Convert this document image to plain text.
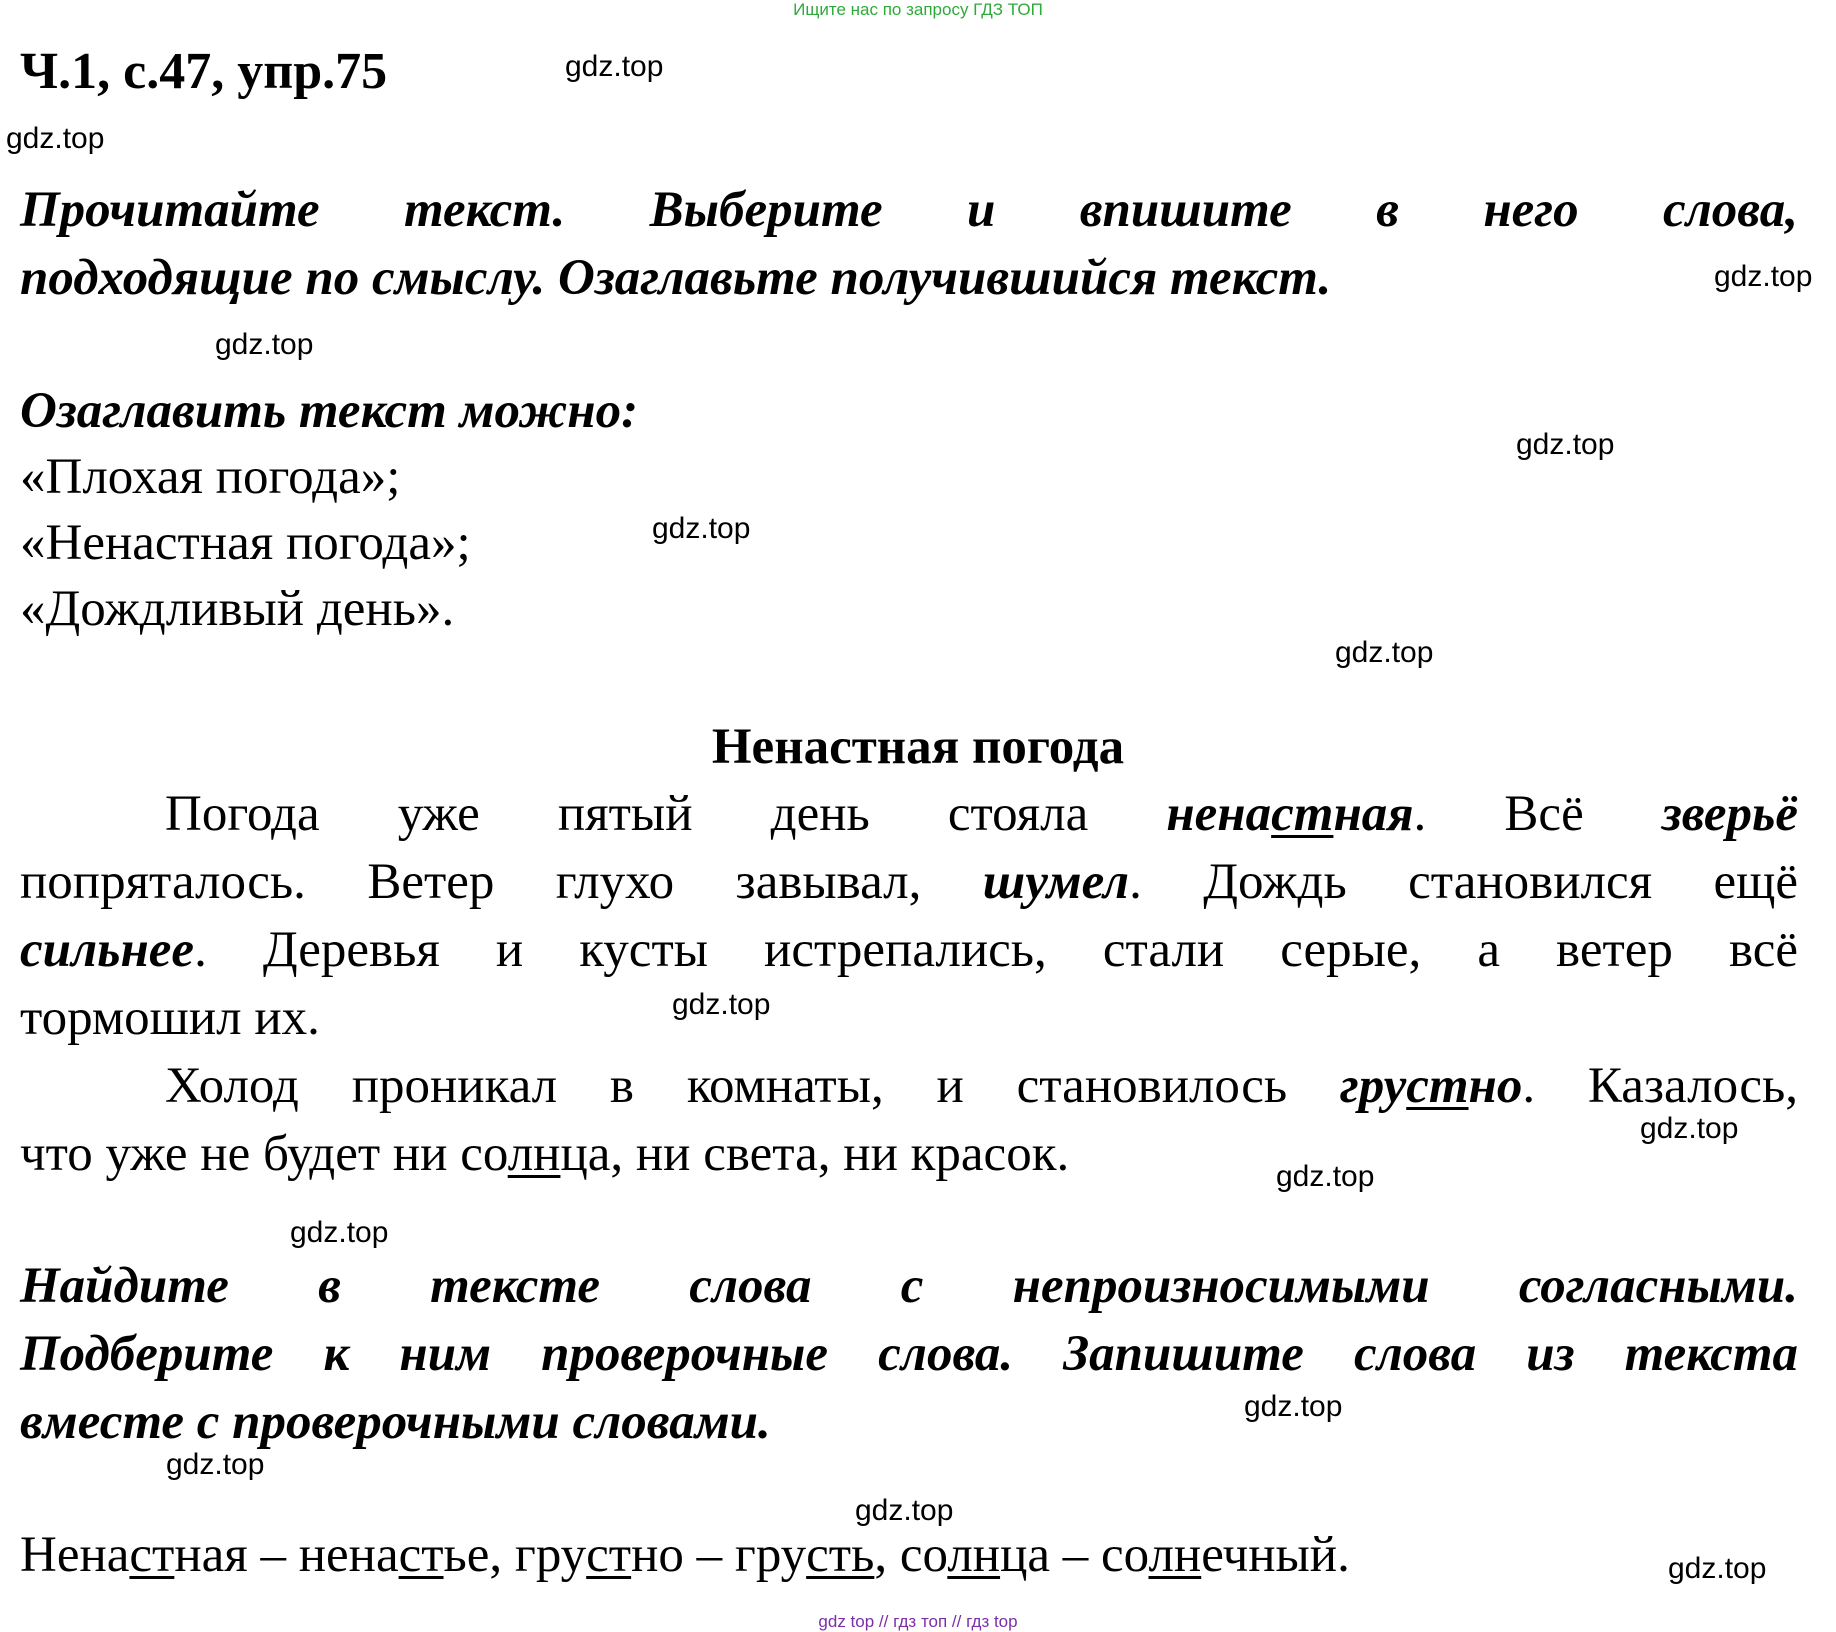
Ищите нас по запросу ГДЗ ТОП
Ч.1, с.47, упр.75	gdz.top
gdz.top
gdz.top
gdz.top
gdz.top
gdz.top
gdz.top
gdz.top
gdz.top
gdz.top
gdz.top
gdz.top
gdz.top
gdz.top
gdz.top
Прочитайте текст. Выберите и впишите в него слова,
подходящие по смыслу. Озаглавьте получившийся текст.
Озаглавить текст можно:
«Плохая погода»;
«Ненастная погода»;
«Дождливый день».
Ненастная погода
Погода уже пятый день стояла ненастная. Всё зверьё
попряталось. Ветер глухо завывал, шумел. Дождь становился ещё
сильнее. Деревья и кусты истрепались, стали серые, а ветер всё
тормошил их.
Холод проникал в комнаты, и становилось грустно. Казалось,
что уже не будет ни солнца, ни света, ни красок.
Найдите в тексте слова с непроизносимыми согласными.
Подберите к ним проверочные слова. Запишите слова из текста
вместе с проверочными словами.
Ненастная – ненастье, грустно – грусть, солнца – солнечный.
gdz top // гдз топ // гдз top
